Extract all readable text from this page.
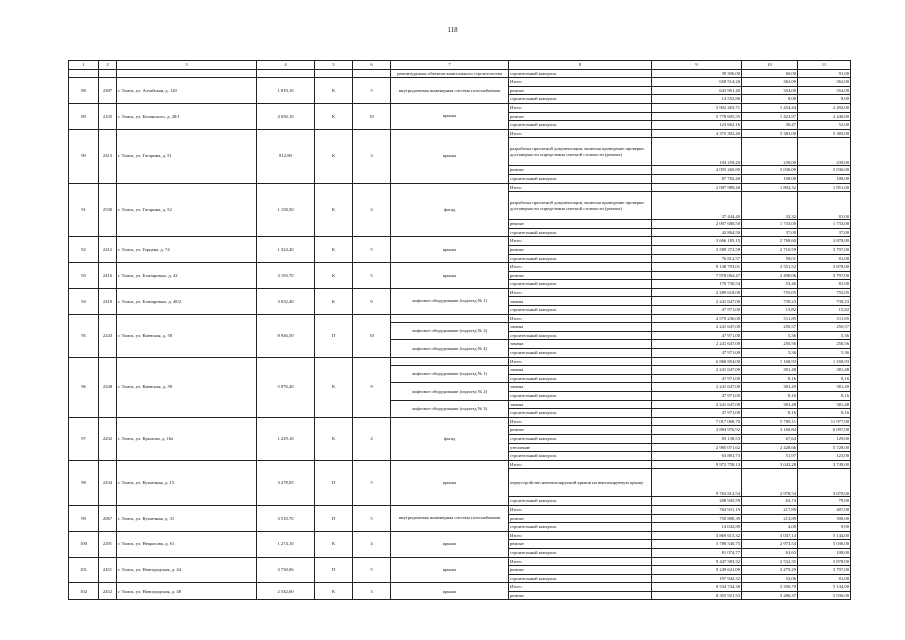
118
1	2	3	4	5	6	7	8	9	10	11
						ремонтуружны объектов капитального строительства	строительный контроль	39 306,00	60,00	91,00
88	2307	г. Томск, ул. Алтайская, д. 120	1 819,10	К	5	внутридомовая инженерная система газоснабжения	Итого	658 514,26	362,00	362,00
							ремонт	643 961,40	354,00	354,00
							строительный контроль	14 552,86	8,00	8,00
89	2235	г. Томск, ул. Белинского, д. 28/1	4 056,10	К	10	крыша	Итого	5 902 263,71	1 454,44	2 492,00
							ремонт	5 778 605,55	1 423,97	2 440,00
							строительный контроль	123 662,16	30,47	52,00
90	2413	г. Томск, ул. Гагарина, д. 51	812,80	К	3	крыша	Итого	4 375 302,40	5 383,00	5 383,00
							разработка проектной документации, включая проведение проверки достоверности определения сметной стоимости (ремонт)	194 259,20	239,00	239,00
							ремонт	4 093 260,80	5 036,00	5 036,00
							строительный контроль	87 782,40	108,00	108,00
91	2530	г. Томск, ул. Гагарина, д. 52	1 158,50	К	3	фасад	Итого	2 087 989,40	1 802,32	1 851,00
							разработка проектной документации, включая проведение проверки достоверности определения сметной стоимости (ремонт)	37 444,40	32,32	81,00
							ремонт	2 007 680,50	1 733,00	1 733,00
							строительный контроль	42 864,50	37,00	37,00
92	2412	г. Томск, ул. Герцена, д. 74	1 324,20	К	5	крыша	Итого	3 666 185,15	2 768,60	3 878,00
							ремонт	3 589 372,58	2 710,59	3 797,00
							строительный контроль	76 812,57	58,01	81,00
93	2416	г. Томск, ул. Елизаровых, д. 42	3 193,70	К	5	крыша	Итого	8 148 793,01	2 551,52	3 878,00
							ремонт	7 978 062,47	2 498,06	3 797,00
							строительный контроль	170 730,54	53,46	81,00
94	2418	г. Томск, ул. Елизаровых, д. 48/2	3 032,40	К	9	лифтовое оборудование (подъезд № 1)	Итого	2 289 618,00	755,05	755,05
							замена	2 241 647,00	739,23	739,23
							строительный контроль	47 971,00	15,82	15,82
95	2243	г. Томск, ул. Киевская, д. 58	8 946,50	П	10		Итого	4 579 236,00	511,85	511,85
						лифтовое оборудование (подъезд № 3)	замена	2 241 647,00	250,57	250,57
							строительный контроль	47 971,00	5,36	5,36
						лифтовое оборудование (подъезд № 4)	замена	2 241 647,00	250,56	250,56
							строительный контроль	47 971,00	5,36	5,36
96	2248	г. Томск, ул. Киевская, д. 59	5 876,20	К	9		Итого	6 868 854,00	1 168,93	1 168,93
						лифтовое оборудование (подъезд № 1)	замена	2 241 647,00	381,48	381,48
							строительный контроль	47 971,00	8,16	8,16
						лифтовое оборудование (подъезд № 2)	замена	2 241 647,00	381,49	381,49
							строительный контроль	47 971,00	8,16	8,16
						лифтовое оборудование (подъезд № 3)	замена	2 241 647,00	381,48	381,48
							строительный контроль	47 971,00	8,16	8,16
97	2432	г. Томск, ул. Крылова, д. 16а	1 229,10	К	4	фасад	Итого	7 017 068,70	5 709,11	11 977,00
							ремонт	3 884 976,92	3 160,84	6 097,00
							строительный контроль	83 138,53	67,64	129,00
							утепление	2 985 071,62	2 428,66	5 728,00
							строительный контроль	63 881,73	51,97	123,00
98	2434	г. Томск, ул. Кузнечная, д. 15	3 278,05	П	5	крыша	Итого	9 972 758,13	3 042,28	3 749,00
							переустройство невентилируемой крыши на вентилируемую крышу	9 763 812,54	2 978,54	3 670,00
							строительный контроль	208 945,59	63,74	79,00
99	2067	г. Томск, ул. Кузнечная, д. 31	3 510,70	П	5	внутридомовая инженерная система газоснабжения	Итого	764 931,19	217,89	407,00
							ремонт	750 888,39	213,89	398,00
							строительный контроль	14 042,80	4,00	9,00
100	2291	г. Томск, ул. Некрасова, д. 61	1 274,10	К	4	крыша	Итого	3 869 615,32	3 037,14	5 144,00
							ремонт	3 788 540,75	2 973,54	5 036,00
							строительный контроль	81 074,77	63,63	108,00
101	2451	г. Томск, ул. Новгородская, д. 44	3 730,06	П	5	крыша	Итого	9 447 583,32	2 532,35	3 878,00
							ремонт	9 249 641,00	2 479,29	3 797,00
							строительный контроль	197 942,32	53,06	81,00
102	2452	г. Томск, ул. Новгородская, д. 48	2 542,60	К	3	крыша	Итого	8 534 744,38	3 356,70	5 144,00
							ремонт	8 355 921,53	3 286,37	5 036,00
